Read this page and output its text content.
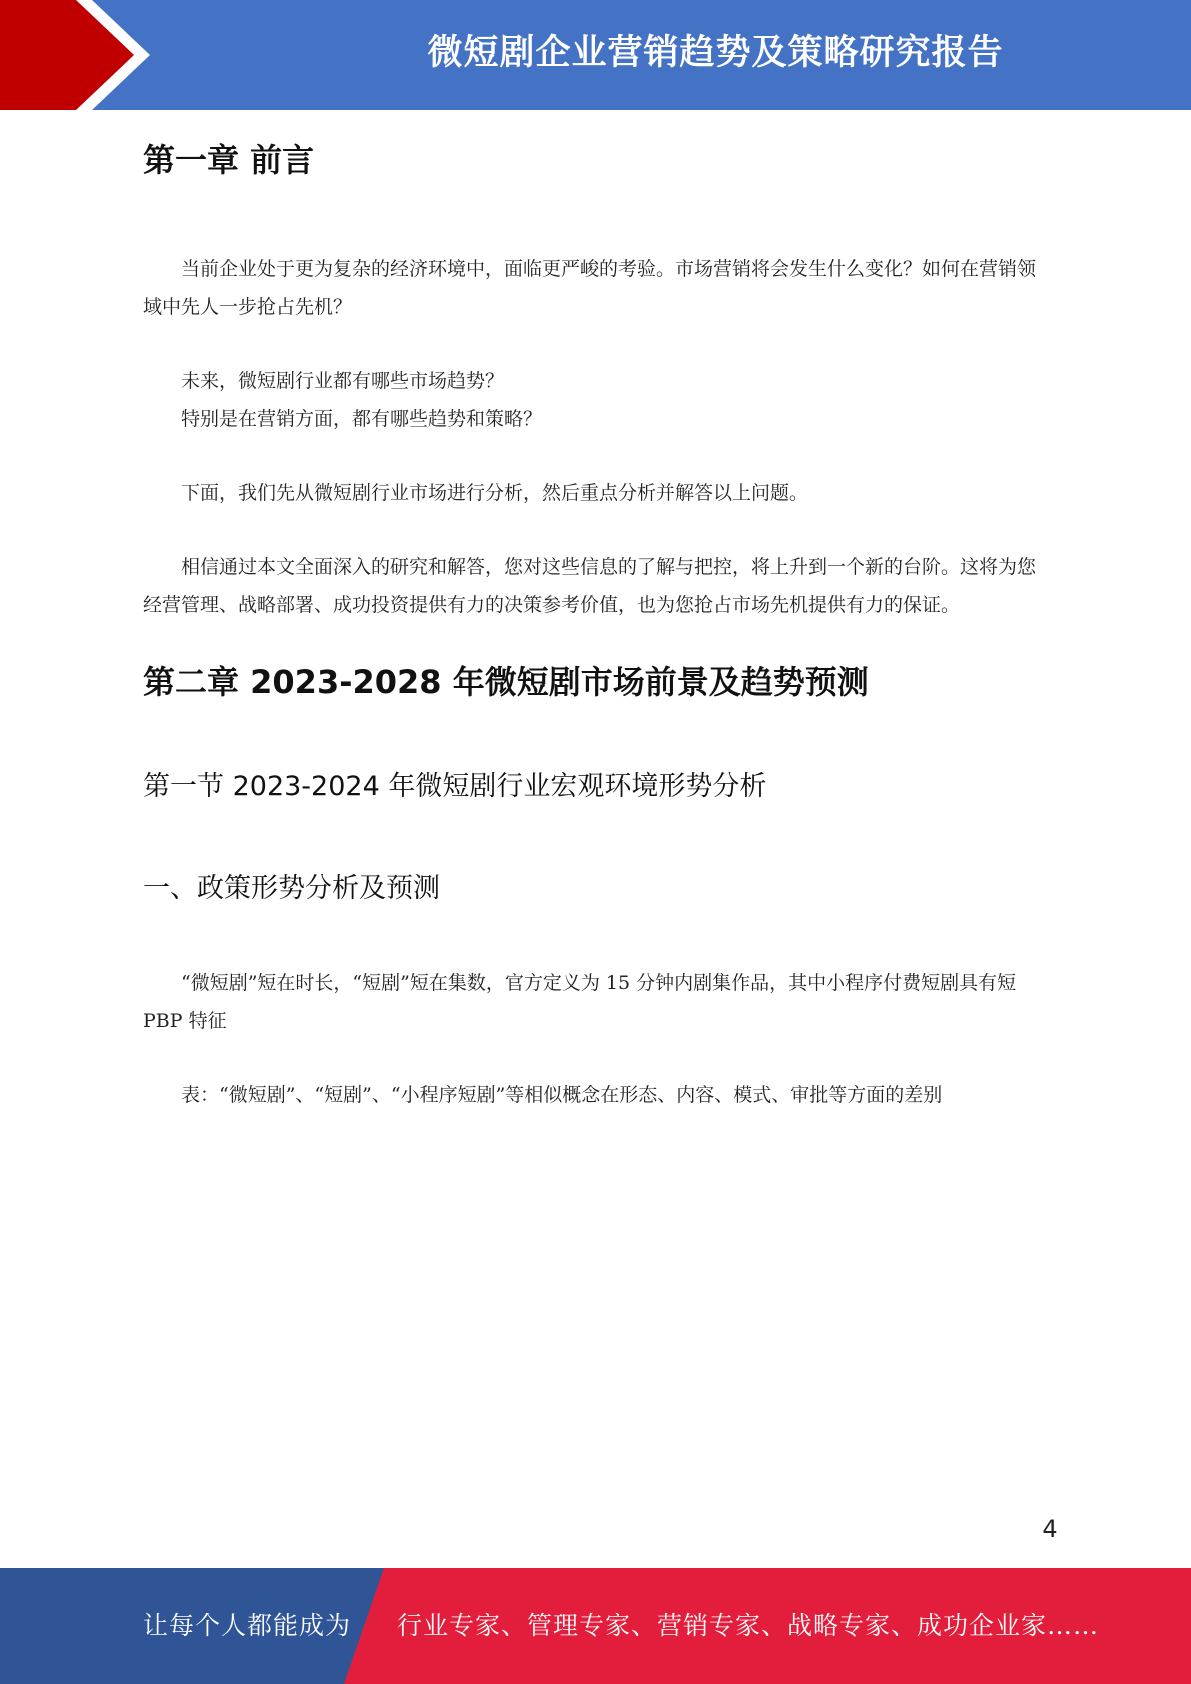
微短剧企业营销趋势及策略研究报告
第一章 前言

当前企业处于更为复杂的经济环境中，面临更严峻的考验。市场营销将会发生什么变化？如何在营销领域中先人一步抢占先机？

未来，微短剧行业都有哪些市场趋势？

特别是在营销方面，都有哪些趋势和策略？

下面，我们先从微短剧行业市场进行分析，然后重点分析并解答以上问题。

相信通过本文全面深入的研究和解答，您对这些信息的了解与把控，将上升到一个新的台阶。这将为您经营管理、战略部署、成功投资提供有力的决策参考价值，也为您抢占市场先机提供有力的保证。

第二章 2023-2028 年微短剧市场前景及趋势预测
第一节 2023-2024 年微短剧行业宏观环境形势分析
一、政策形势分析及预测

“微短剧”短在时长，“短剧”短在集数，官方定义为 15 分钟内剧集作品，其中小程序付费短剧具有短 PBP 特征

表：“微短剧”、“短剧”、“小程序短剧”等相似概念在形态、内容、模式、审批等方面的差别

4
让每个人都能成为 行业专家、管理专家、营销专家、战略专家、成功企业家……
